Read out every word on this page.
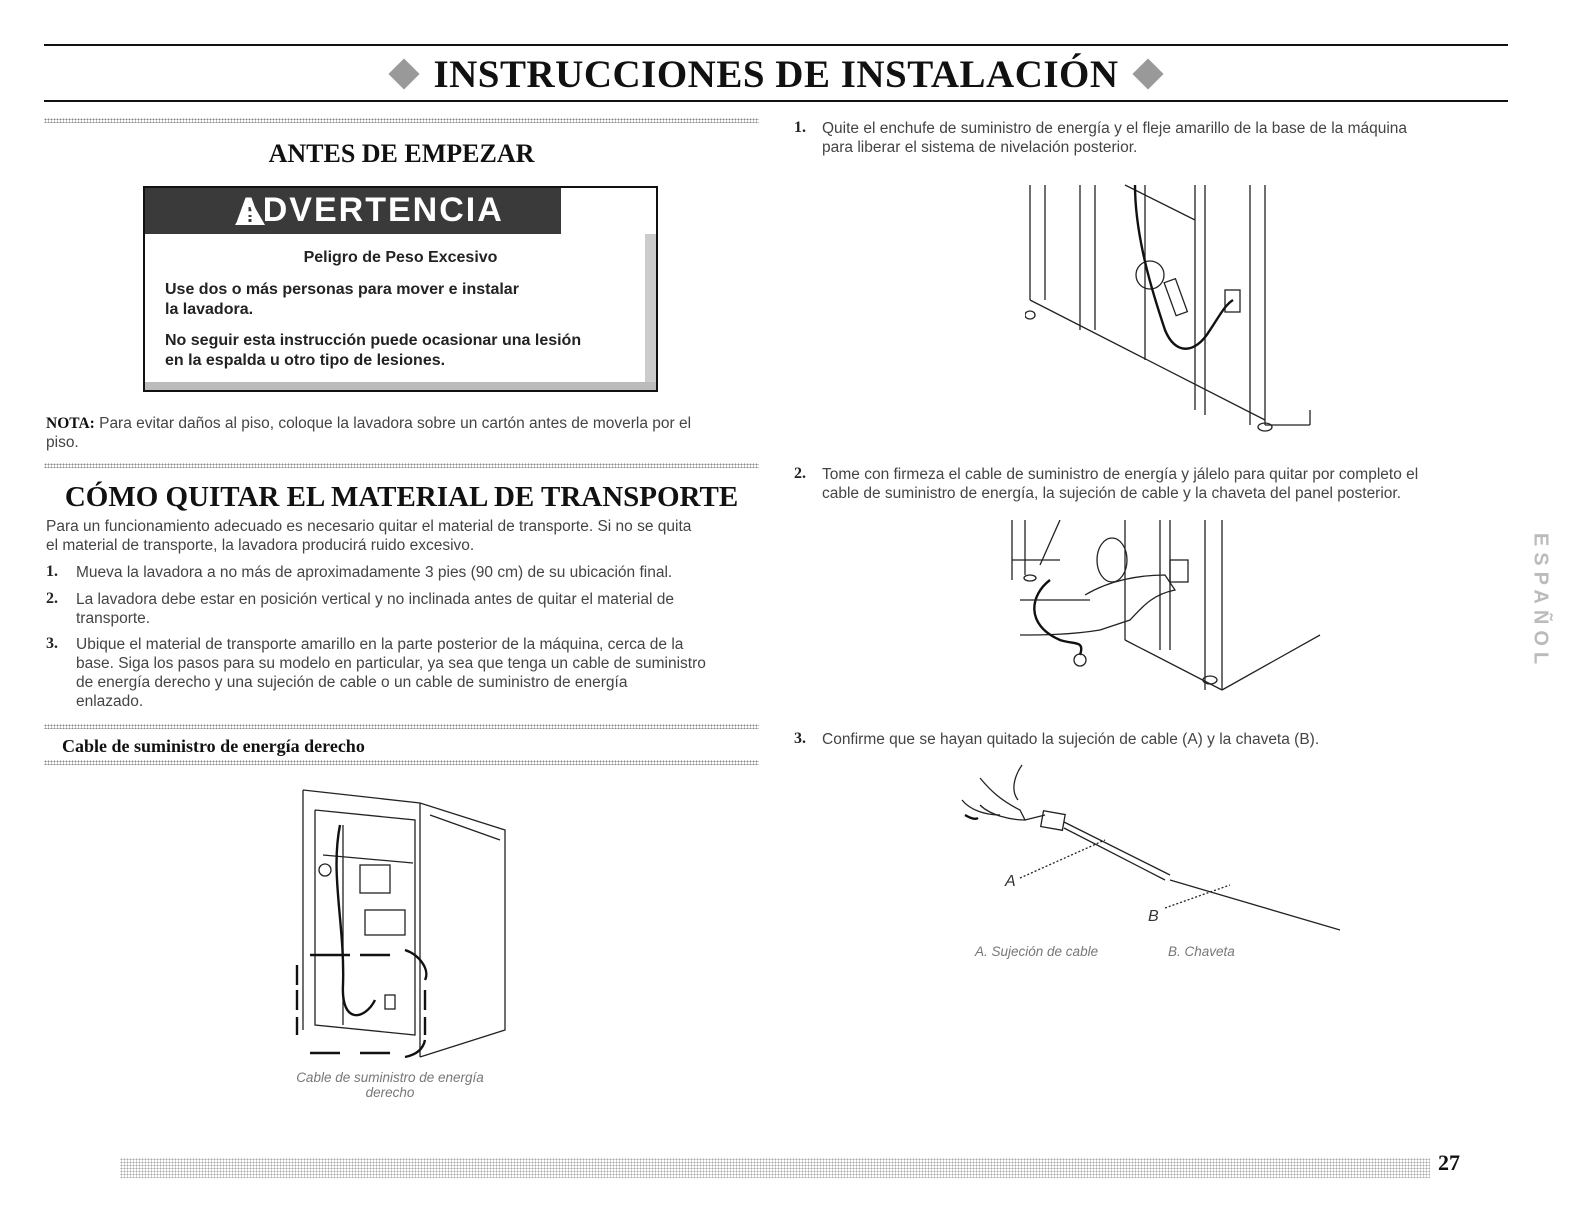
INSTRUCCIONES DE INSTALACIÓN
ANTES DE EMPEZAR
ADVERTENCIA
Peligro de Peso Excesivo
Use dos o más personas para mover e instalar
la lavadora.
No seguir esta instrucción puede ocasionar una lesión
en la espalda u otro tipo de lesiones.
NOTA: Para evitar daños al piso, coloque la lavadora sobre un cartón antes de moverla por el
piso.
CÓMO QUITAR EL MATERIAL DE TRANSPORTE
Para un funcionamiento adecuado es necesario quitar el material de transporte. Si no se quita
el material de transporte, la lavadora producirá ruido excesivo.
1. Mueva la lavadora a no más de aproximadamente 3 pies (90 cm) de su ubicación final.
2. La lavadora debe estar en posición vertical y no inclinada antes de quitar el material de
transporte.
3. Ubique el material de transporte amarillo en la parte posterior de la máquina, cerca de la
base. Siga los pasos para su modelo en particular, ya sea que tenga un cable de suministro
de energía derecho y una sujeción de cable o un cable de suministro de energía
enlazado.
Cable de suministro de energía derecho
Cable de suministro de energía
derecho
1. Quite el enchufe de suministro de energía y el fleje amarillo de la base de la máquina
para liberar el sistema de nivelación posterior.
2. Tome con firmeza el cable de suministro de energía y jálelo para quitar por completo el
cable de suministro de energía, la sujeción de cable y la chaveta del panel posterior.
3. Confirme que se hayan quitado la sujeción de cable (A) y la chaveta (B).
A
B
A. Sujeción de cable	B. Chaveta
ESPAÑOL
27
